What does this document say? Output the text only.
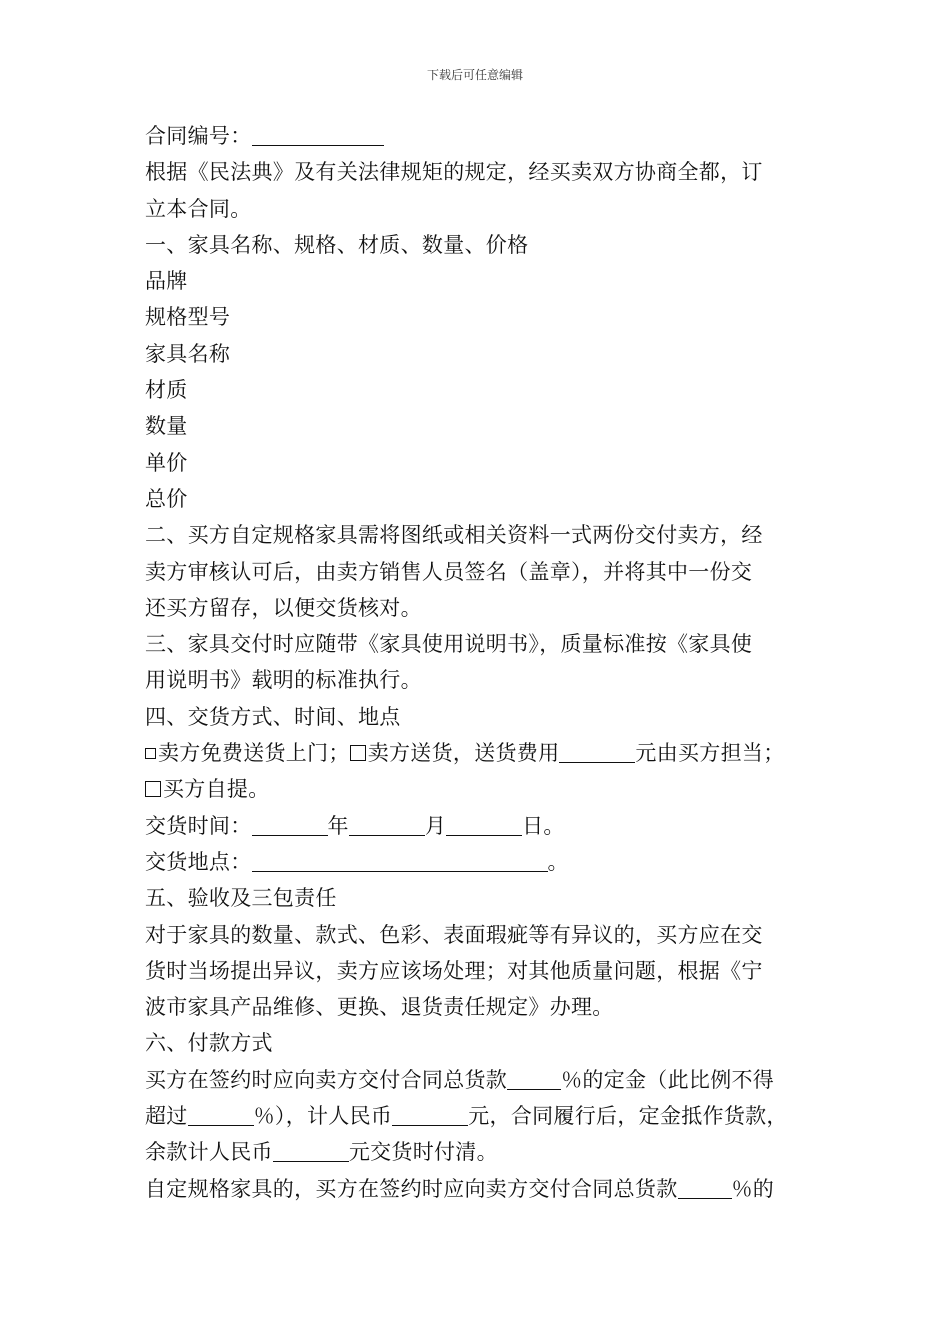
下载后可任意编辑
合同编号：
根据《民法典》及有关法律规矩的规定，经买卖双方协商全都，订
立本合同。
一、家具名称、规格、材质、数量、价格
品牌
规格型号
家具名称
材质
数量
单价
总价
二、买方自定规格家具需将图纸或相关资料一式两份交付卖方，经
卖方审核认可后，由卖方销售人员签名（盖章），并将其中一份交
还买方留存，以便交货核对。
三、家具交付时应随带《家具使用说明书》，质量标准按《家具使
用说明书》载明的标准执行。
四、交货方式、时间、地点
卖方免费送货上门； 卖方送货，送货费用	元由买方担当；
买方自提。
交货时间：	年	月	日。
交货地点：	。
五、验收及三包责任
对于家具的数量、款式、色彩、表面瑕疵等有异议的，买方应在交
货时当场提出异议，卖方应该场处理；对其他质量问题，根据《宁
波市家具产品维修、更换、退货责任规定》办理。
六、付款方式
买方在签约时应向卖方交付合同总货款	％的定金（此比例不得
超过	％），计人民币	元，合同履行后，定金抵作货款，
余款计人民币	元交货时付清。
自定规格家具的，买方在签约时应向卖方交付合同总货款	％的
